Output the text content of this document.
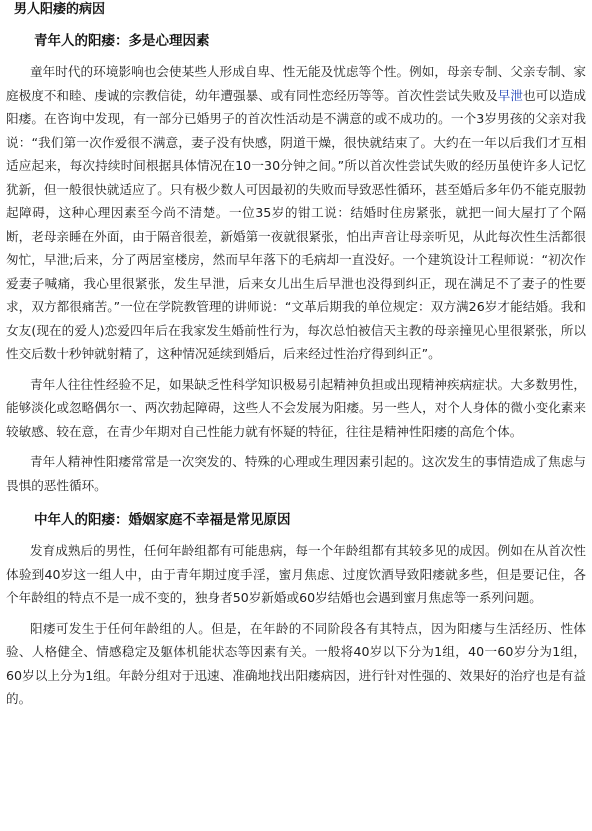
男人阳痿的病因
青年人的阳痿：多是心理因素

童年时代的环境影响也会使某些人形成自卑、性无能及忧虑等个性。例如，母亲专制、父亲专制、家庭极度不和睦、虔诚的宗教信徒，幼年遭强暴、或有同性恋经历等等。首次性尝试失败及早泄也可以造成阳痿。在咨询中发现，有一部分已婚男子的首次性活动是不满意的或不成功的。一个3岁男孩的父亲对我说：“我们第一次作爱很不满意，妻子没有快感，阴道干燥，很快就结束了。大约在一年以后我们才互相适应起来，每次持续时间根据具体情况在10一30分钟之间。”所以首次性尝试失败的经历虽使许多人记忆犹新，但一般很快就适应了。只有极少数人可因最初的失败而导致恶性循环，甚至婚后多年仍不能克服勃起障碍，这种心理因素至今尚不清楚。一位35岁的钳工说：结婚时住房紧张，就把一间大屋打了个隔断，老母亲睡在外面，由于隔音很差，新婚第一夜就很紧张，怕出声音让母亲听见，从此每次性生活都很匆忙，早泄;后来，分了两居室楼房，然而早年落下的毛病却一直没好。一个建筑设计工程师说：“初次作爱妻子喊痛，我心里很紧张，发生早泄，后来女儿出生后早泄也没得到纠正，现在满足不了妻子的性要求，双方都很痛苦。”一位在学院教管理的讲师说：“文革后期我的单位规定：双方满26岁才能结婚。我和女友(现在的爱人)恋爱四年后在我家发生婚前性行为，每次总怕被信天主教的母亲撞见心里很紧张，所以性交后数十秒钟就射精了，这种情况延续到婚后，后来经过性治疗得到纠正”。

青年人往往性经验不足，如果缺乏性科学知识极易引起精神负担或出现精神疾病症状。大多数男性，能够淡化或忽略偶尔一、两次勃起障碍，这些人不会发展为阳痿。另一些人，对个人身体的微小变化素来较敏感、较在意，在青少年期对自己性能力就有怀疑的特征，往往是精神性阳痿的高危个体。

青年人精神性阳痿常常是一次突发的、特殊的心理或生理因素引起的。这次发生的事情造成了焦虑与畏惧的恶性循环。

中年人的阳痿：婚姻家庭不幸福是常见原因

发育成熟后的男性，任何年龄组都有可能患病，每一个年龄组都有其较多见的成因。例如在从首次性体验到40岁这一组人中，由于青年期过度手淫，蜜月焦虑、过度饮酒导致阳痿就多些，但是要记住，各个年龄组的特点不是一成不变的，独身者50岁新婚或60岁结婚也会遇到蜜月焦虑等一系列问题。

阳痿可发生于任何年龄组的人。但是，在年龄的不同阶段各有其特点，因为阳痿与生活经历、性体验、人格健全、情感稳定及躯体机能状态等因素有关。一般将40岁以下分为1组，40一60岁分为1组，60岁以上分为1组。年龄分组对于迅速、准确地找出阳痿病因，进行针对性强的、效果好的治疗也是有益的。
